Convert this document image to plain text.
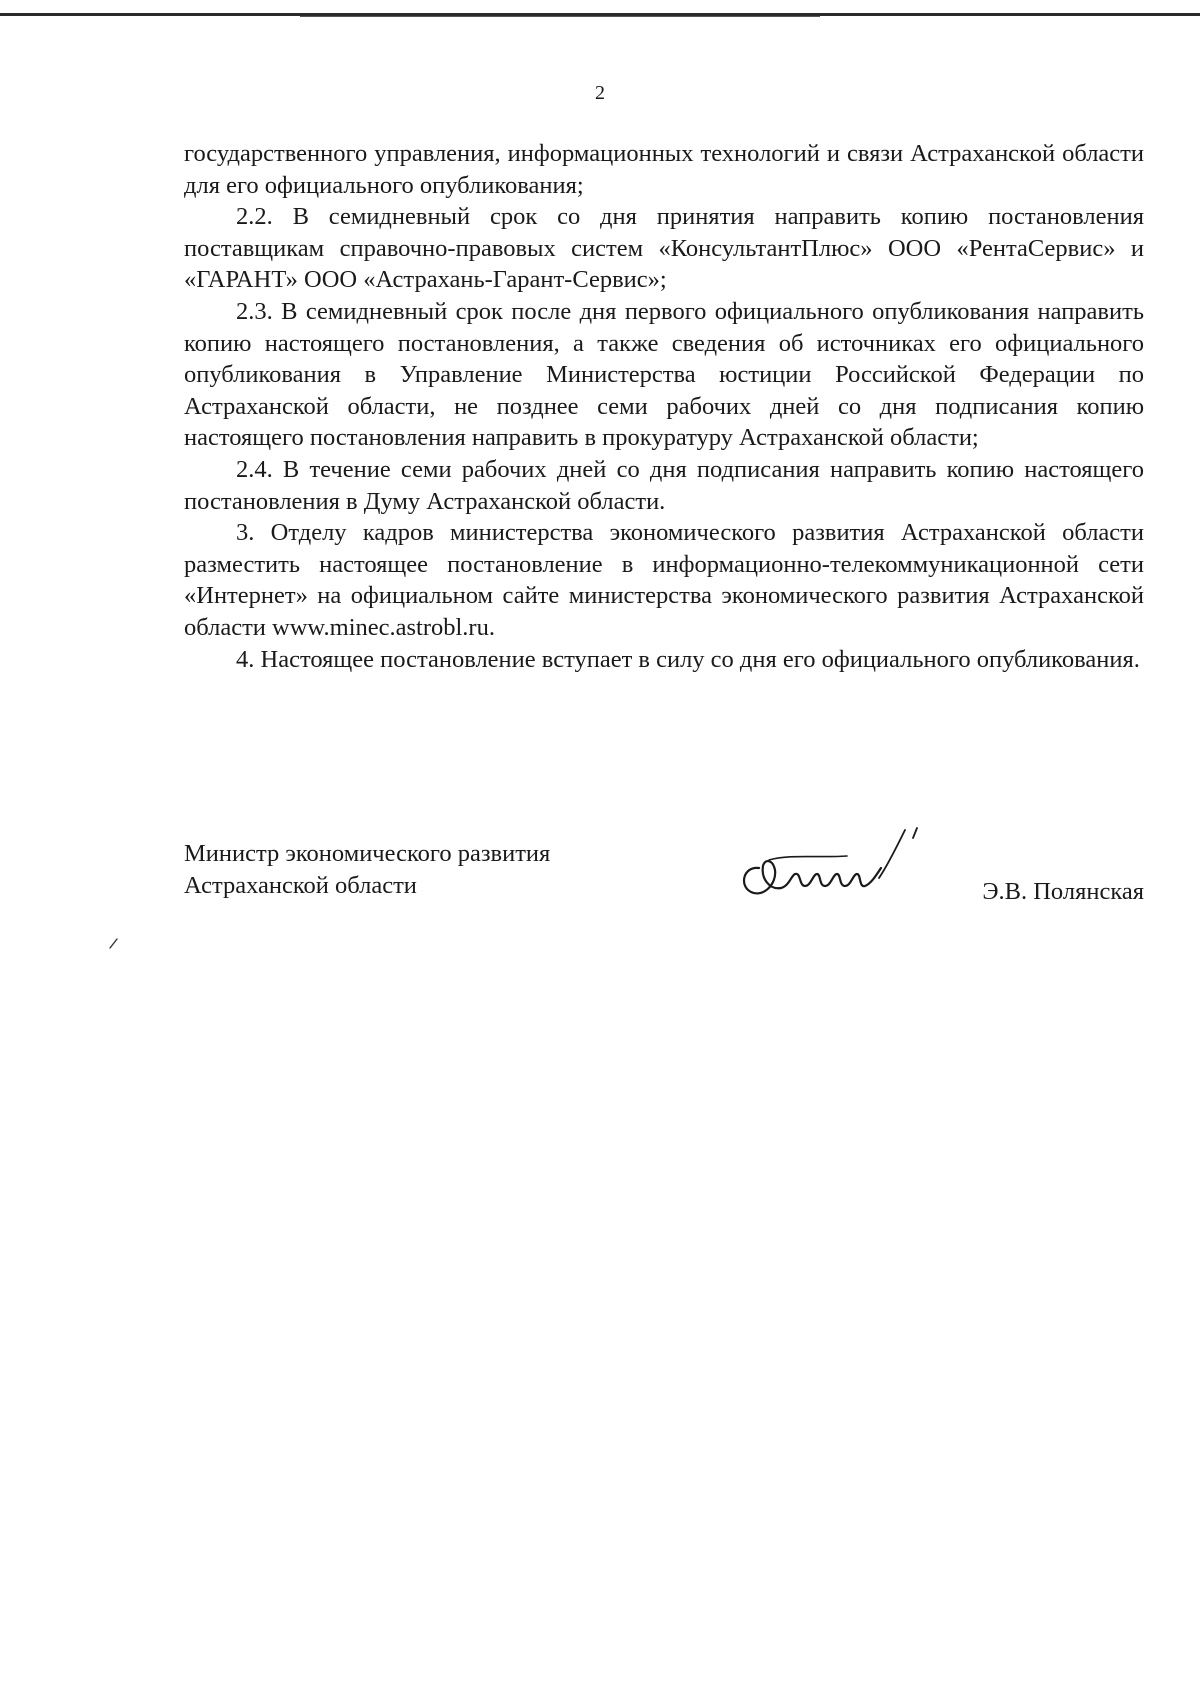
2

государственного управления, информационных технологий и связи Астраханской области для его официального опубликования;

2.2. В семидневный срок со дня принятия направить копию постановления поставщикам справочно-правовых систем «КонсультантПлюс» ООО «РентаСервис» и «ГАРАНТ» ООО «Астрахань-Гарант-Сервис»;

2.3. В семидневный срок после дня первого официального опубликования направить копию настоящего постановления, а также сведения об источниках его официального опубликования в Управление Министерства юстиции Российской Федерации по Астраханской области, не позднее семи рабочих дней со дня подписания копию настоящего постановления направить в прокуратуру Астраханской области;

2.4. В течение семи рабочих дней со дня подписания направить копию настоящего постановления в Думу Астраханской области.

3. Отделу кадров министерства экономического развития Астраханской области разместить настоящее постановление в информационно-телекоммуникационной сети «Интернет» на официальном сайте министерства экономического развития Астраханской области www.minec.astrobl.ru.

4. Настоящее постановление вступает в силу со дня его официального опубликования.

Министр экономического развития
Астраханской области	Э.В. Полянская
